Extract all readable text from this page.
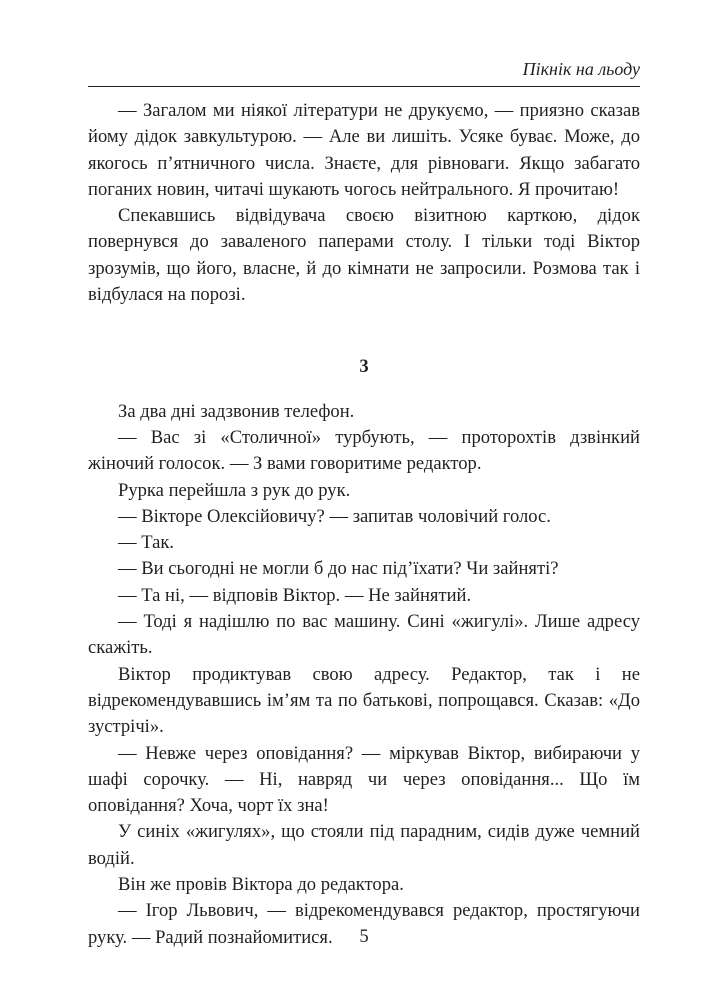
Пікнік на льоду

— Загалом ми ніякої літератури не друкуємо, — приязно сказав йому дідок завкультурою. — Але ви лишіть. Усяке буває. Може, до якогось п’ятничного числа. Знаєте, для рівноваги. Якщо забагато поганих новин, читачі шукають чогось нейтрального. Я прочитаю!

Спекавшись відвідувача своєю візитною карткою, дідок повернувся до заваленого паперами столу. І тільки тоді Віктор зрозумів, що його, власне, й до кімнати не запросили. Розмова так і відбулася на порозі.

3

За два дні задзвонив телефон.

— Вас зі «Столичної» турбують, — проторохтів дзвінкий жіночий голосок. — З вами говоритиме редактор.

Рурка перейшла з рук до рук.

— Вікторе Олексійовичу? — запитав чоловічий голос.

— Так.

— Ви сьогодні не могли б до нас під’їхати? Чи зайняті?

— Та ні, — відповів Віктор. — Не зайнятий.

— Тоді я надішлю по вас машину. Сині «жигулі». Лише адресу скажіть.

Віктор продиктував свою адресу. Редактор, так і не відрекомендувавшись ім’ям та по батькові, попрощався. Сказав: «До зустрічі».

— Невже через оповідання? — міркував Віктор, вибираючи у шафі сорочку. — Ні, навряд чи через оповідання... Що їм оповідання? Хоча, чорт їх зна!

У синіх «жигулях», що стояли під парадним, сидів дуже чемний водій.

Він же провів Віктора до редактора.

— Ігор Львович, — відрекомендувався редактор, простягуючи руку. — Радий познайомитися.	5
